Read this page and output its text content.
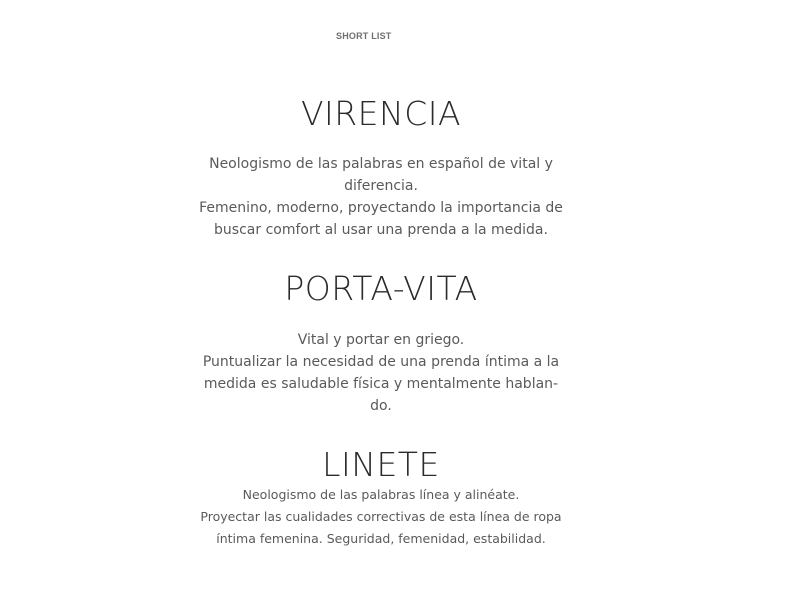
SHORT LIST
VIRENCIA

Neologismo de las palabras en español de vital y
diferencia.
Femenino, moderno, proyectando la importancia de
buscar comfort al usar una prenda a la medida.

PORTA-VITA

Vital y portar en griego.
Puntualizar la necesidad de una prenda íntima a la
medida es saludable física y mentalmente hablan-
do.

LINETE

Neologismo de las palabras línea y alinéate.
Proyectar las cualidades correctivas de esta línea de ropa
íntima femenina. Seguridad, femenidad, estabilidad.
